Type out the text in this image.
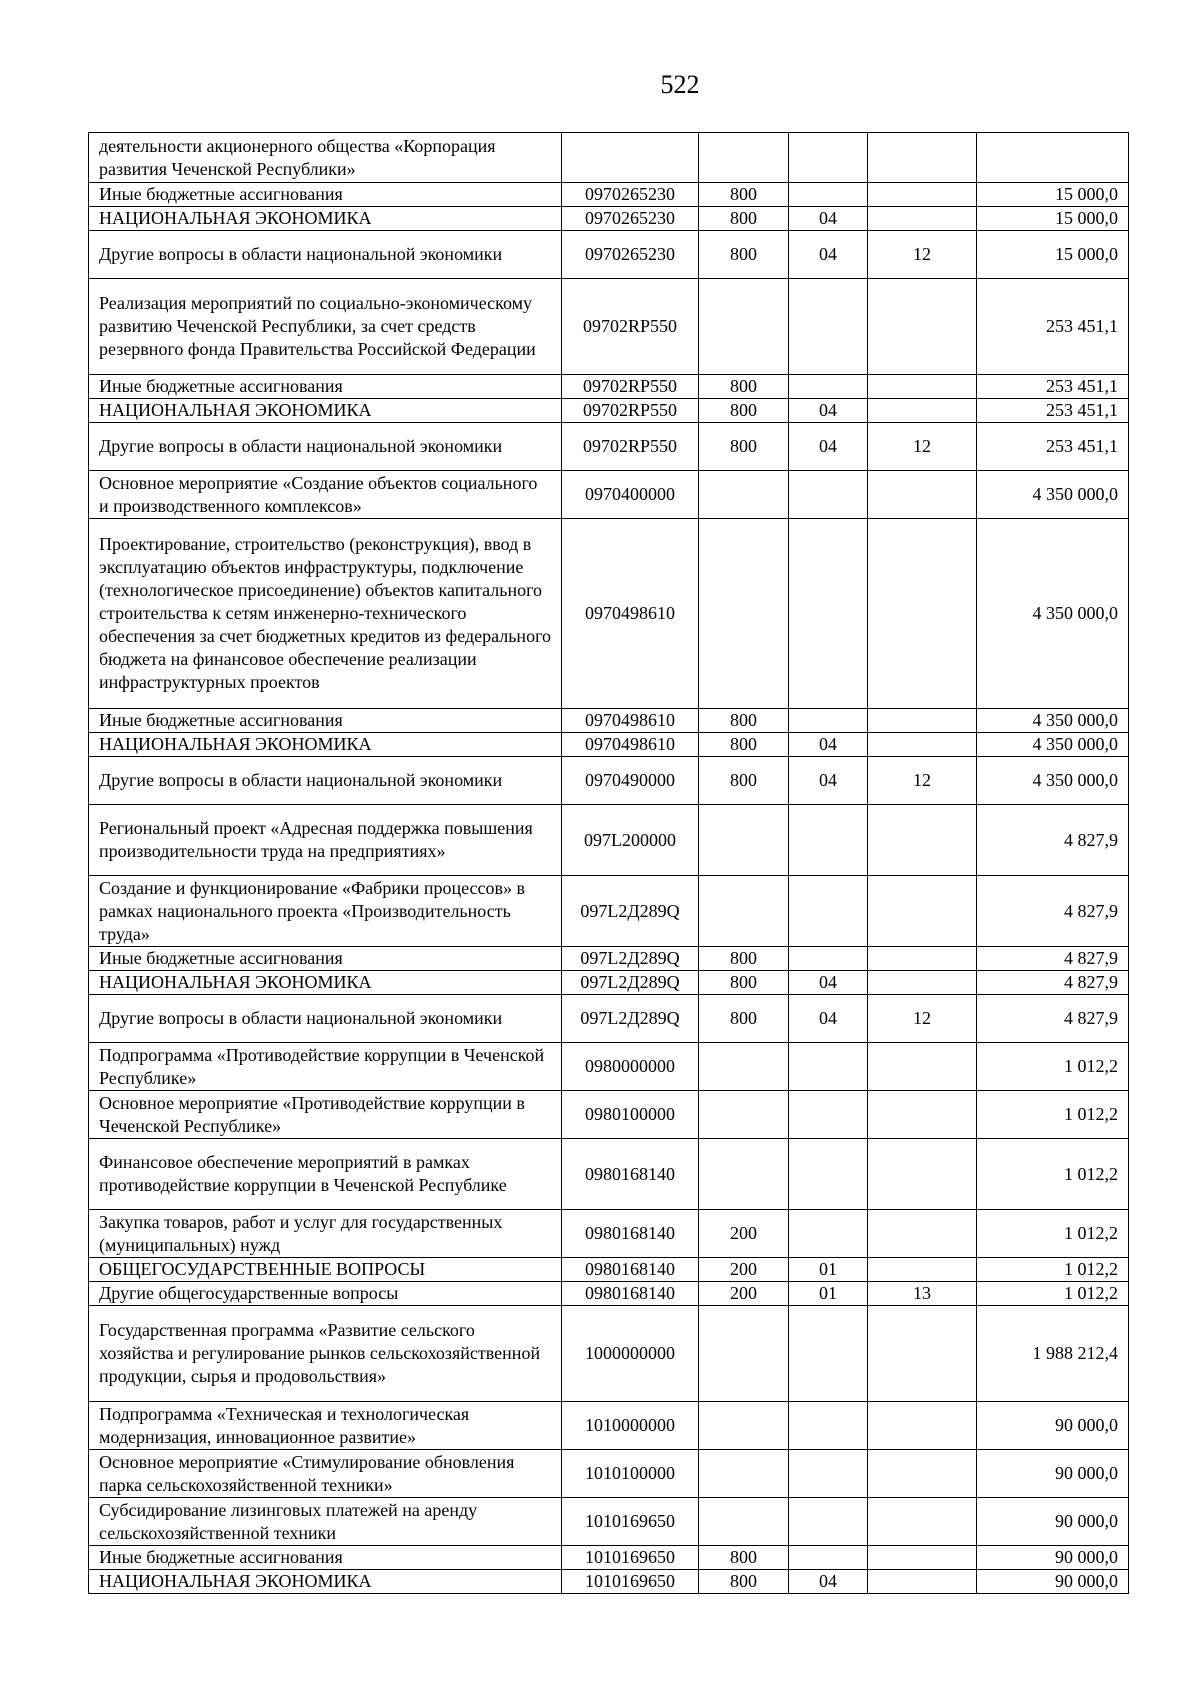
522
деятельности акционерного общества «Корпорация развития Чеченской Республики»					
Иные бюджетные ассигнования	0970265230	800			15 000,0
НАЦИОНАЛЬНАЯ ЭКОНОМИКА	0970265230	800	04		15 000,0
Другие вопросы в области национальной экономики	0970265230	800	04	12	15 000,0
Реализация мероприятий по социально-экономическому развитию Чеченской Республики, за счет средств резервного фонда Правительства Российской Федерации	09702RP550				253 451,1
Иные бюджетные ассигнования	09702RP550	800			253 451,1
НАЦИОНАЛЬНАЯ ЭКОНОМИКА	09702RP550	800	04		253 451,1
Другие вопросы в области национальной экономики	09702RP550	800	04	12	253 451,1
Основное мероприятие «Создание объектов социального и производственного комплексов»	0970400000				4 350 000,0
Проектирование, строительство (реконструкция), ввод в эксплуатацию объектов инфраструктуры, подключение (технологическое присоединение) объектов капитального строительства к сетям инженерно-технического обеспечения за счет бюджетных кредитов из федерального бюджета на финансовое обеспечение реализации инфраструктурных проектов	0970498610				4 350 000,0
Иные бюджетные ассигнования	0970498610	800			4 350 000,0
НАЦИОНАЛЬНАЯ ЭКОНОМИКА	0970498610	800	04		4 350 000,0
Другие вопросы в области национальной экономики	0970490000	800	04	12	4 350 000,0
Региональный проект «Адресная поддержка повышения производительности труда на предприятиях»	097L200000				4 827,9
Создание и функционирование «Фабрики процессов» в рамках национального проекта «Производительность труда»	097L2Д289Q				4 827,9
Иные бюджетные ассигнования	097L2Д289Q	800			4 827,9
НАЦИОНАЛЬНАЯ ЭКОНОМИКА	097L2Д289Q	800	04		4 827,9
Другие вопросы в области национальной экономики	097L2Д289Q	800	04	12	4 827,9
Подпрограмма «Противодействие коррупции в Чеченской Республике»	0980000000				1 012,2
Основное мероприятие «Противодействие коррупции в Чеченской Республике»	0980100000				1 012,2
Финансовое обеспечение мероприятий в рамках противодействие коррупции в Чеченской Республике	0980168140				1 012,2
Закупка товаров, работ и услуг для государственных (муниципальных) нужд	0980168140	200			1 012,2
ОБЩЕГОСУДАРСТВЕННЫЕ ВОПРОСЫ	0980168140	200	01		1 012,2
Другие общегосударственные вопросы	0980168140	200	01	13	1 012,2
Государственная программа «Развитие сельского хозяйства и регулирование рынков сельскохозяйственной продукции, сырья и продовольствия»	1000000000				1 988 212,4
Подпрограмма «Техническая и технологическая модернизация, инновационное развитие»	1010000000				90 000,0
Основное мероприятие «Стимулирование обновления парка сельскохозяйственной техники»	1010100000				90 000,0
Субсидирование лизинговых платежей на аренду сельскохозяйственной техники	1010169650				90 000,0
Иные бюджетные ассигнования	1010169650	800			90 000,0
НАЦИОНАЛЬНАЯ ЭКОНОМИКА	1010169650	800	04		90 000,0
